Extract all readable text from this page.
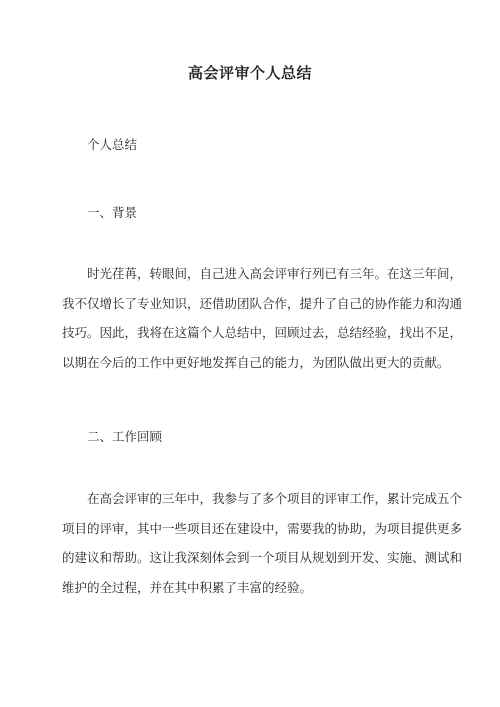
高会评审个人总结
个人总结
一、背景
时光荏苒，转眼间，自己进入高会评审行列已有三年。在这三年间，
我不仅增长了专业知识，还借助团队合作，提升了自己的协作能力和沟通
技巧。因此，我将在这篇个人总结中，回顾过去，总结经验，找出不足，
以期在今后的工作中更好地发挥自己的能力，为团队做出更大的贡献。
二、工作回顾
在高会评审的三年中，我参与了多个项目的评审工作，累计完成五个
项目的评审，其中一些项目还在建设中，需要我的协助，为项目提供更多
的建议和帮助。这让我深刻体会到一个项目从规划到开发、实施、测试和
维护的全过程，并在其中积累了丰富的经验。
